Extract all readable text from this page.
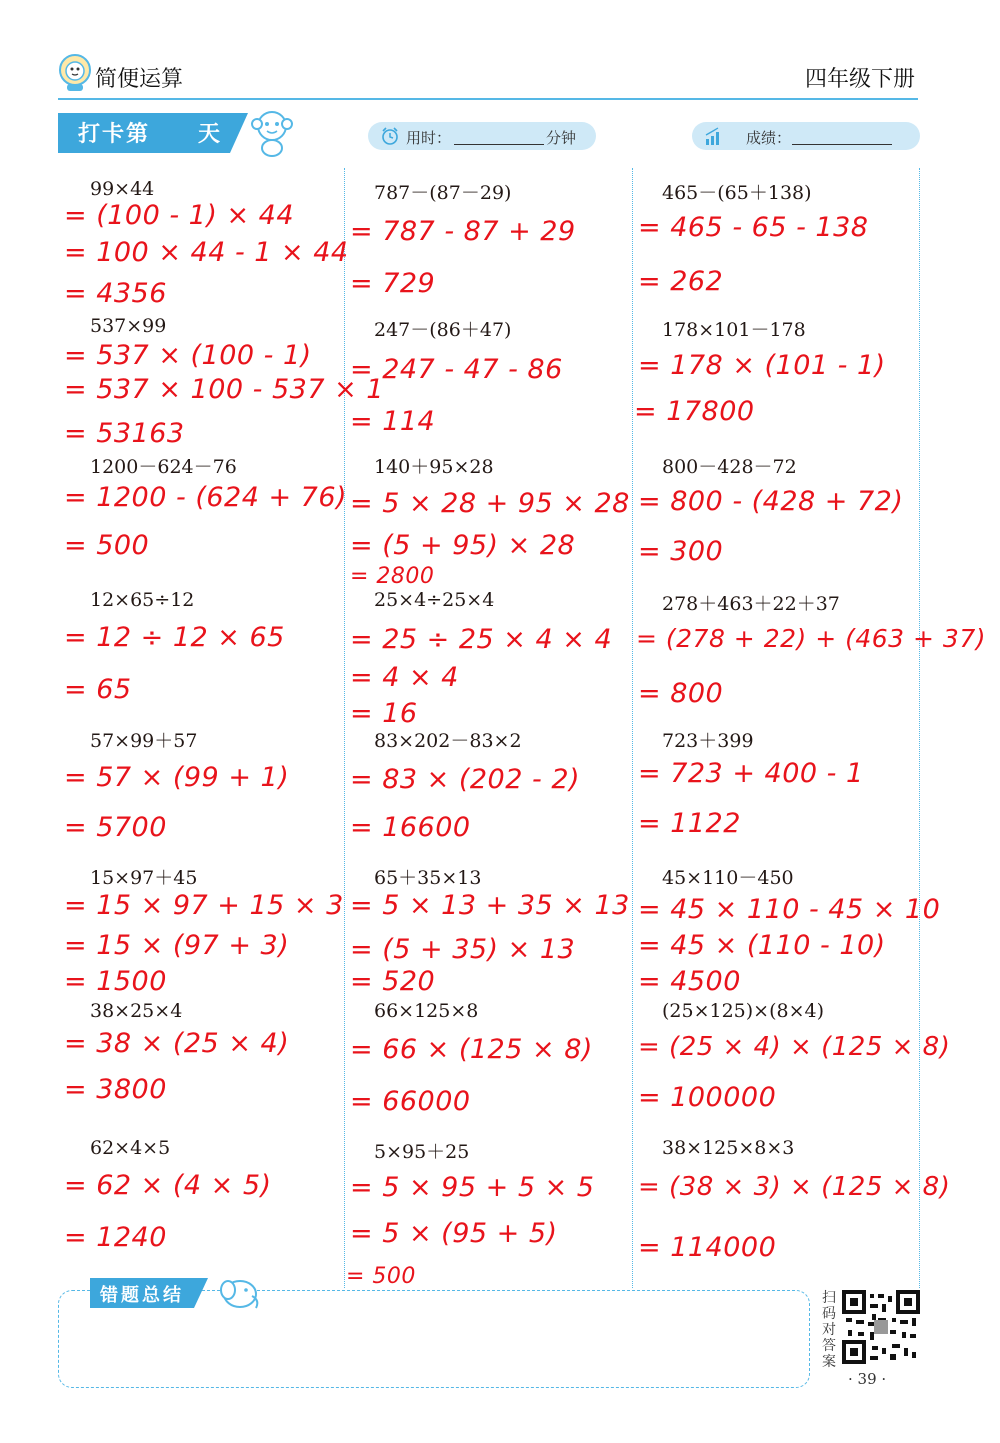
简便运算	四年级下册
打卡第 天	用时：	分钟	成绩：
99×44
= (100 - 1) × 44
= 100 × 44 - 1 × 44
= 4356
537×99
= 537 × (100 - 1)
= 537 × 100 - 537 × 1
= 53163
1200－624－76
= 1200 - (624 + 76)
= 500
12×65÷12
= 12 ÷ 12 × 65
= 65
57×99＋57
= 57 × (99 + 1)
= 5700
15×97＋45
= 15 × 97 + 15 × 3
= 15 × (97 + 3)
= 1500
38×25×4
= 38 × (25 × 4)
= 3800
62×4×5
= 62 × (4 × 5)
= 1240
787－(87－29)
= 787 - 87 + 29
= 729
247－(86＋47)
= 247 - 47 - 86
= 114
140＋95×28
= 5 × 28 + 95 × 28
= (5 + 95) × 28
= 2800
25×4÷25×4
= 25 ÷ 25 × 4 × 4
= 4 × 4
= 16
83×202－83×2
= 83 × (202 - 2)
= 16600
65＋35×13
= 5 × 13 + 35 × 13
= (5 + 35) × 13
= 520
66×125×8
= 66 × (125 × 8)
= 66000
5×95＋25
= 5 × 95 + 5 × 5
= 5 × (95 + 5)
= 500
465－(65＋138)
= 465 - 65 - 138
= 262
178×101－178
= 178 × (101 - 1)
= 17800
800－428－72
= 800 - (428 + 72)
= 300
278＋463＋22＋37
= (278 + 22) + (463 + 37)
= 800
723＋399
= 723 + 400 - 1
= 1122
45×110－450
= 45 × 110 - 45 × 10
= 45 × (110 - 10)
= 4500
(25×125)×(8×4)
= (25 × 4) × (125 × 8)
= 100000
38×125×8×3
= (38 × 3) × (125 × 8)
= 114000
错题总结	扫码对答案
· 39 ·
